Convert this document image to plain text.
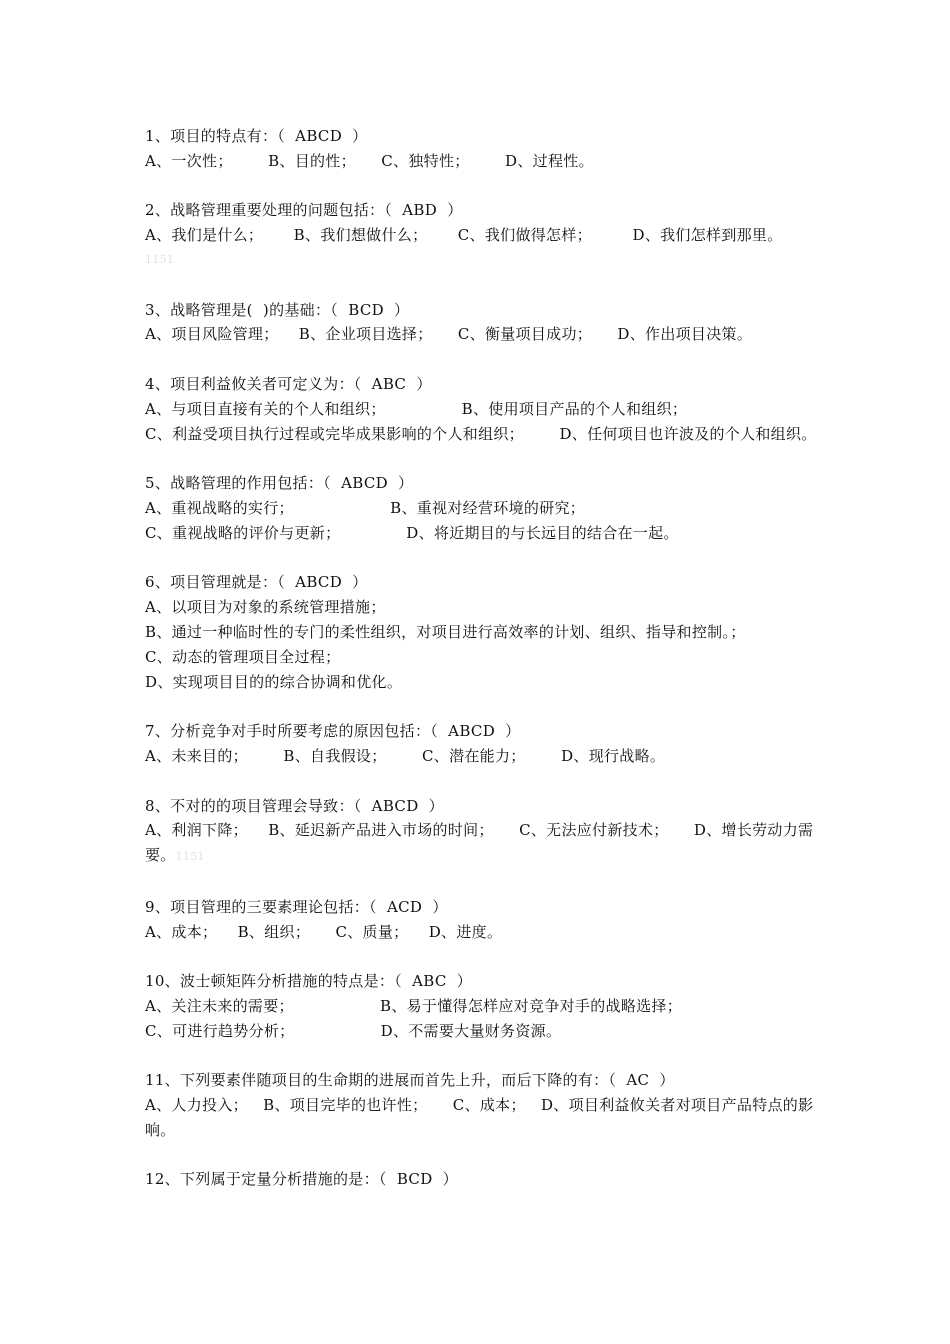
1、项目的特点有：（  ABCD  ）
A、一次性；       B、目的性；     C、独特性；       D、过程性。
2、战略管理重要处理的问题包括：（  ABD  ）
A、我们是什么；      B、我们想做什么；      C、我们做得怎样；        D、我们怎样到那里。
1151
3、战略管理是(  )的基础：（  BCD  ）
A、项目风险管理；    B、企业项目选择；     C、衡量项目成功；     D、作出项目决策。
4、项目利益攸关者可定义为：（  ABC  ）
A、与项目直接有关的个人和组织；               B、使用项目产品的个人和组织；
C、利益受项目执行过程或完毕成果影响的个人和组织；       D、任何项目也许波及的个人和组织。
5、战略管理的作用包括：（  ABCD  ）
A、重视战略的实行；                   B、重视对经营环境的研究；
C、重视战略的评价与更新；             D、将近期目的与长远目的结合在一起。
6、项目管理就是：（  ABCD  ）
A、以项目为对象的系统管理措施；
B、通过一种临时性的专门的柔性组织，对项目进行高效率的计划、组织、指导和控制。；
C、动态的管理项目全过程；
D、实现项目目的的综合协调和优化。
7、分析竞争对手时所要考虑的原因包括：（  ABCD  ）
A、未来目的；       B、自我假设；       C、潜在能力；       D、现行战略。
8、不对的的项目管理会导致：（  ABCD  ）
A、利润下降；    B、延迟新产品进入市场的时间；     C、无法应付新技术；     D、增长劳动力需要。1151
9、项目管理的三要素理论包括：（  ACD  ）
A、成本；    B、组织；     C、质量；    D、进度。
10、波士顿矩阵分析措施的特点是：（  ABC  ）
A、关注未来的需要；                 B、易于懂得怎样应对竞争对手的战略选择；
C、可进行趋势分析；                 D、不需要大量财务资源。
11、下列要素伴随项目的生命期的进展而首先上升，而后下降的有：（  AC  ）
A、人力投入；   B、项目完毕的也许性；     C、成本；   D、项目利益攸关者对项目产品特点的影响。
12、下列属于定量分析措施的是：（  BCD  ）
